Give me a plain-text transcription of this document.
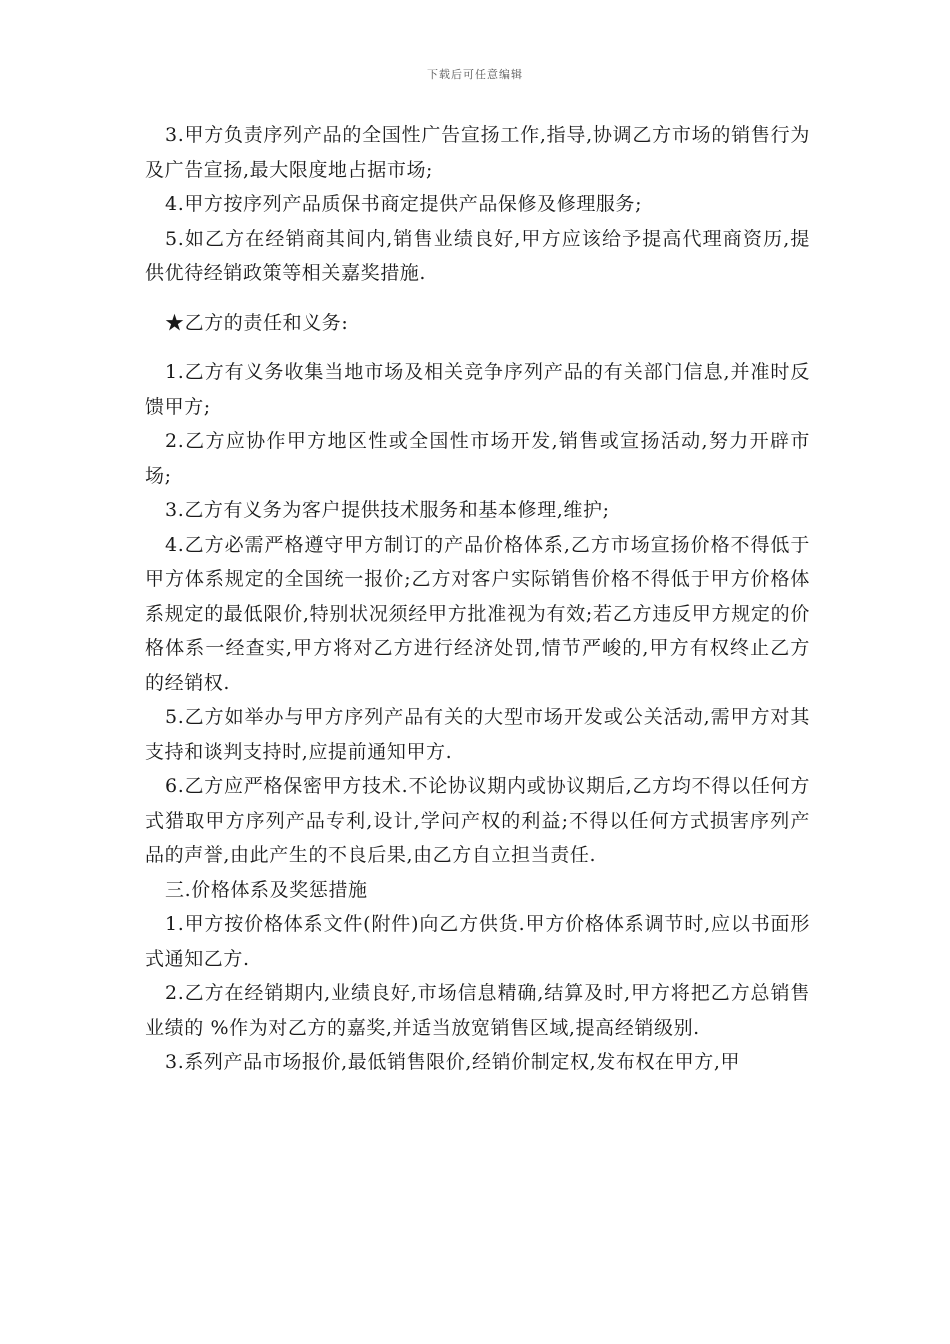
下载后可任意编辑

3.甲方负责序列产品的全国性广告宣扬工作,指导,协调乙方市场的销售行为及广告宣扬,最大限度地占据市场;

4.甲方按序列产品质保书商定提供产品保修及修理服务;

5.如乙方在经销商其间内,销售业绩良好,甲方应该给予提高代理商资历,提供优待经销政策等相关嘉奖措施.

★乙方的责任和义务:

1.乙方有义务收集当地市场及相关竞争序列产品的有关部门信息,并准时反馈甲方;

2.乙方应协作甲方地区性或全国性市场开发,销售或宣扬活动,努力开辟市场;

3.乙方有义务为客户提供技术服务和基本修理,维护;

4.乙方必需严格遵守甲方制订的产品价格体系,乙方市场宣扬价格不得低于甲方体系规定的全国统一报价;乙方对客户实际销售价格不得低于甲方价格体系规定的最低限价,特别状况须经甲方批准视为有效;若乙方违反甲方规定的价格体系一经查实,甲方将对乙方进行经济处罚,情节严峻的,甲方有权终止乙方的经销权.

5.乙方如举办与甲方序列产品有关的大型市场开发或公关活动,需甲方对其支持和谈判支持时,应提前通知甲方.

6.乙方应严格保密甲方技术.不论协议期内或协议期后,乙方均不得以任何方式猎取甲方序列产品专利,设计,学问产权的利益;不得以任何方式损害序列产品的声誉,由此产生的不良后果,由乙方自立担当责任.

三.价格体系及奖惩措施

1.甲方按价格体系文件(附件)向乙方供货.甲方价格体系调节时,应以书面形式通知乙方.

2.乙方在经销期内,业绩良好,市场信息精确,结算及时,甲方将把乙方总销售业绩的 %作为对乙方的嘉奖,并适当放宽销售区域,提高经销级别.

3.系列产品市场报价,最低销售限价,经销价制定权,发布权在甲方,甲
